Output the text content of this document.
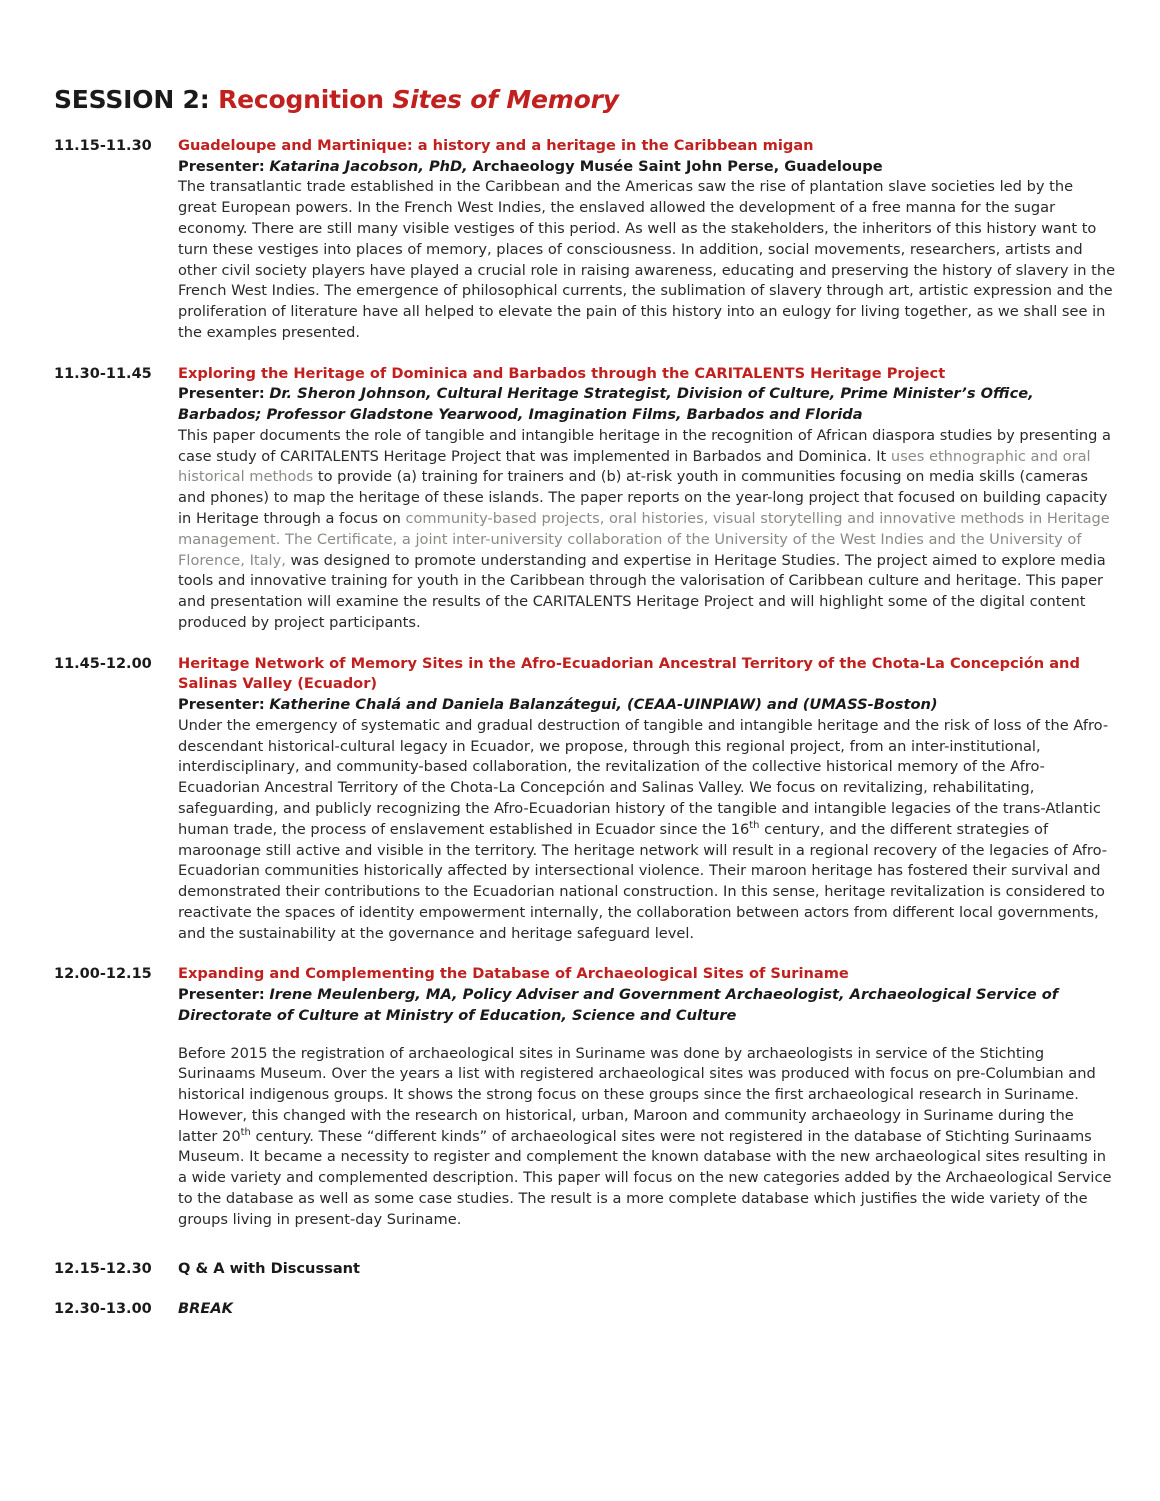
SESSION 2: Recognition Sites of Memory
11.15-11.30	Guadeloupe and Martinique: a history and a heritage in the Caribbean migan

Presenter: Katarina Jacobson, PhD, Archaeology Musée Saint John Perse, Guadeloupe

The transatlantic trade established in the Caribbean and the Americas saw the rise of plantation slave societies led by the great European powers. In the French West Indies, the enslaved allowed the development of a free manna for the sugar economy. There are still many visible vestiges of this period. As well as the stakeholders, the inheritors of this history want to turn these vestiges into places of memory, places of consciousness. In addition, social movements, researchers, artists and other civil society players have played a crucial role in raising awareness, educating and preserving the history of slavery in the French West Indies. The emergence of philosophical currents, the sublimation of slavery through art, artistic expression and the proliferation of literature have all helped to elevate the pain of this history into an eulogy for living together, as we shall see in the examples presented.

11.30-11.45	Exploring the Heritage of Dominica and Barbados through the CARITALENTS Heritage Project

Presenter: Dr. Sheron Johnson, Cultural Heritage Strategist, Division of Culture, Prime Minister’s Office, Barbados; Professor Gladstone Yearwood, Imagination Films, Barbados and Florida

This paper documents the role of tangible and intangible heritage in the recognition of African diaspora studies by presenting a case study of CARITALENTS Heritage Project that was implemented in Barbados and Dominica. It uses ethnographic and oral historical methods to provide (a) training for trainers and (b) at-risk youth in communities focusing on media skills (cameras and phones) to map the heritage of these islands. The paper reports on the year-long project that focused on building capacity in Heritage through a focus on community-based projects, oral histories, visual storytelling and innovative methods in Heritage management. The Certificate, a joint inter-university collaboration of the University of the West Indies and the University of Florence, Italy, was designed to promote understanding and expertise in Heritage Studies. The project aimed to explore media tools and innovative training for youth in the Caribbean through the valorisation of Caribbean culture and heritage. This paper and presentation will examine the results of the CARITALENTS Heritage Project and will highlight some of the digital content produced by project participants.

11.45-12.00	Heritage Network of Memory Sites in the Afro-Ecuadorian Ancestral Territory of the Chota-La Concepción and Salinas Valley (Ecuador)

Presenter: Katherine Chalá and Daniela Balanzátegui, (CEAA-UINPIAW) and (UMASS-Boston)

Under the emergency of systematic and gradual destruction of tangible and intangible heritage and the risk of loss of the Afro-descendant historical-cultural legacy in Ecuador, we propose, through this regional project, from an inter-institutional, interdisciplinary, and community-based collaboration, the revitalization of the collective historical memory of the Afro-Ecuadorian Ancestral Territory of the Chota-La Concepción and Salinas Valley. We focus on revitalizing, rehabilitating, safeguarding, and publicly recognizing the Afro-Ecuadorian history of the tangible and intangible legacies of the trans-Atlantic human trade, the process of enslavement established in Ecuador since the 16th century, and the different strategies of maroonage still active and visible in the territory. The heritage network will result in a regional recovery of the legacies of Afro-Ecuadorian communities historically affected by intersectional violence. Their maroon heritage has fostered their survival and demonstrated their contributions to the Ecuadorian national construction. In this sense, heritage revitalization is considered to reactivate the spaces of identity empowerment internally, the collaboration between actors from different local governments, and the sustainability at the governance and heritage safeguard level.

12.00-12.15	Expanding and Complementing the Database of Archaeological Sites of Suriname

Presenter: Irene Meulenberg, MA, Policy Adviser and Government Archaeologist, Archaeological Service of Directorate of Culture at Ministry of Education, Science and Culture

Before 2015 the registration of archaeological sites in Suriname was done by archaeologists in service of the Stichting Surinaams Museum. Over the years a list with registered archaeological sites was produced with focus on pre-Columbian and historical indigenous groups. It shows the strong focus on these groups since the first archaeological research in Suriname. However, this changed with the research on historical, urban, Maroon and community archaeology in Suriname during the latter 20th century. These “different kinds” of archaeological sites were not registered in the database of Stichting Surinaams Museum. It became a necessity to register and complement the known database with the new archaeological sites resulting in a wide variety and complemented description. This paper will focus on the new categories added by the Archaeological Service to the database as well as some case studies. The result is a more complete database which justifies the wide variety of the groups living in present-day Suriname.

12.15-12.30	Q & A with Discussant
12.30-13.00	BREAK
